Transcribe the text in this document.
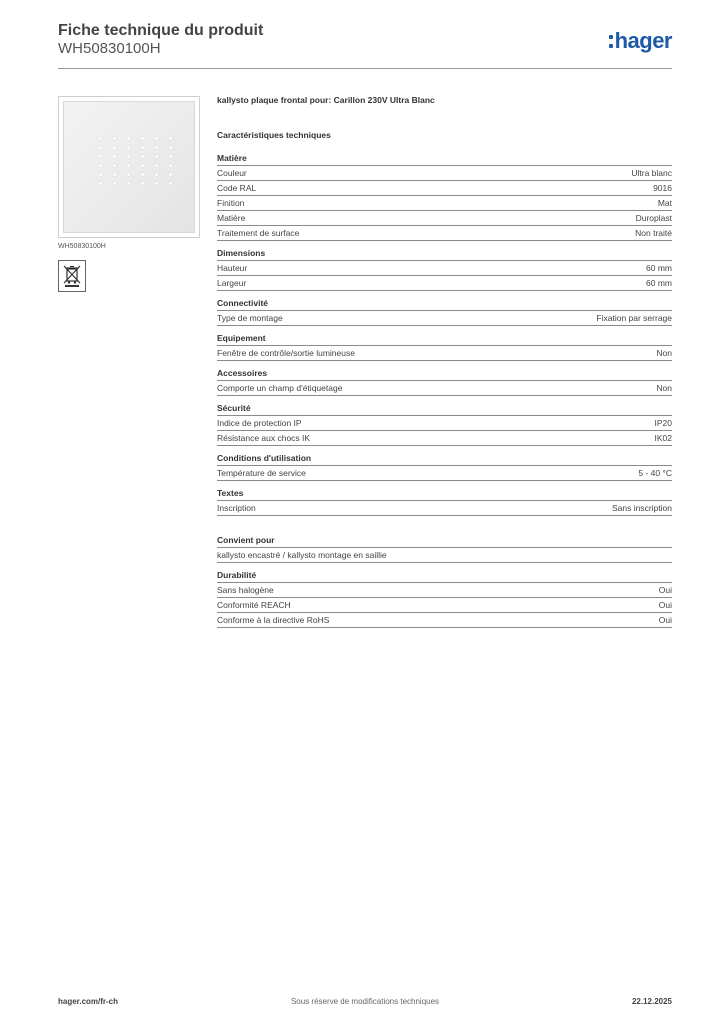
Fiche technique du produit
WH50830100H	hager
WH50830100H
kallysto plaque frontal pour: Carillon 230V Ultra Blanc
Caractéristiques techniques
Matière
Couleur	Ultra blanc
Code RAL	9016
Finition	Mat
Matière	Duroplast
Traitement de surface	Non traité
Dimensions
Hauteur	60 mm
Largeur	60 mm
Connectivité
Type de montage	Fixation par serrage
Equipement
Fenêtre de contrôle/sortie lumineuse	Non
Accessoires
Comporte un champ d'étiquetage	Non
Sécurité
Indice de protection IP	IP20
Résistance aux chocs IK	IK02
Conditions d'utilisation
Température de service	5 - 40 °C
Textes
Inscription	Sans inscription
Convient pour
kallysto encastré / kallysto montage en saillie
Durabilité
Sans halogène	Oui
Conformité REACH	Oui
Conforme à la directive RoHS	Oui
Sous réserve de modifications techniques
hager.com/fr-ch	22.12.2025
